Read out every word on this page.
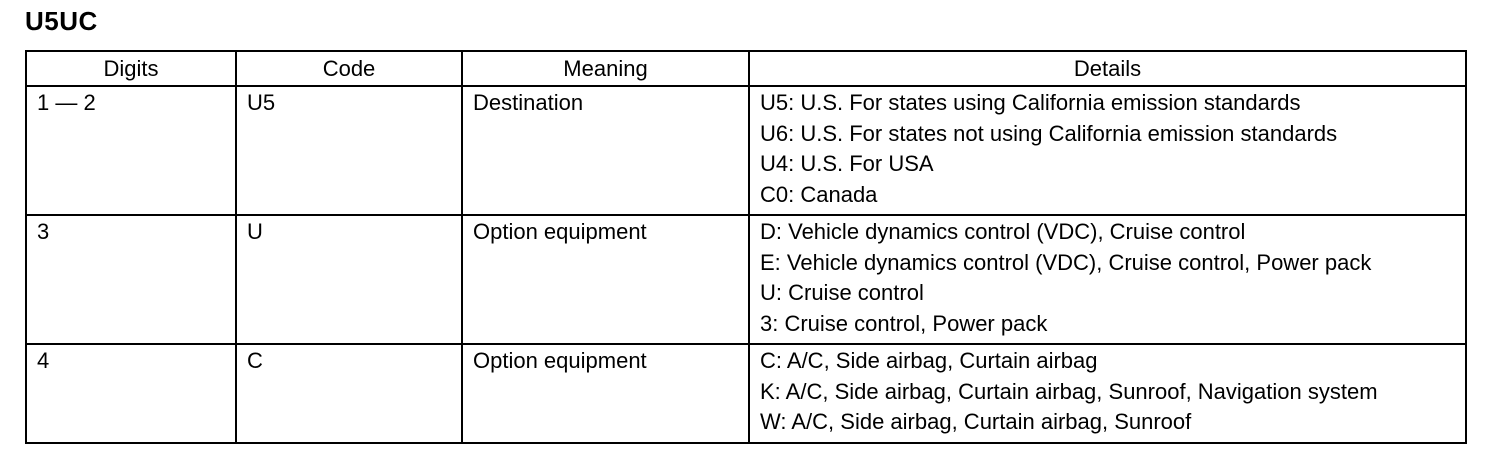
U5UC
Digits	Code	Meaning	Details
1 — 2	U5	Destination	U5: U.S. For states using California emission standards
U6: U.S. For states not using California emission standards
U4: U.S. For USA
C0: Canada

3	U	Option equipment	D: Vehicle dynamics control (VDC), Cruise control
E: Vehicle dynamics control (VDC), Cruise control, Power pack
U: Cruise control
3: Cruise control, Power pack

4	C	Option equipment	C: A/C, Side airbag, Curtain airbag
K: A/C, Side airbag, Curtain airbag, Sunroof, Navigation system
W: A/C, Side airbag, Curtain airbag, Sunroof
